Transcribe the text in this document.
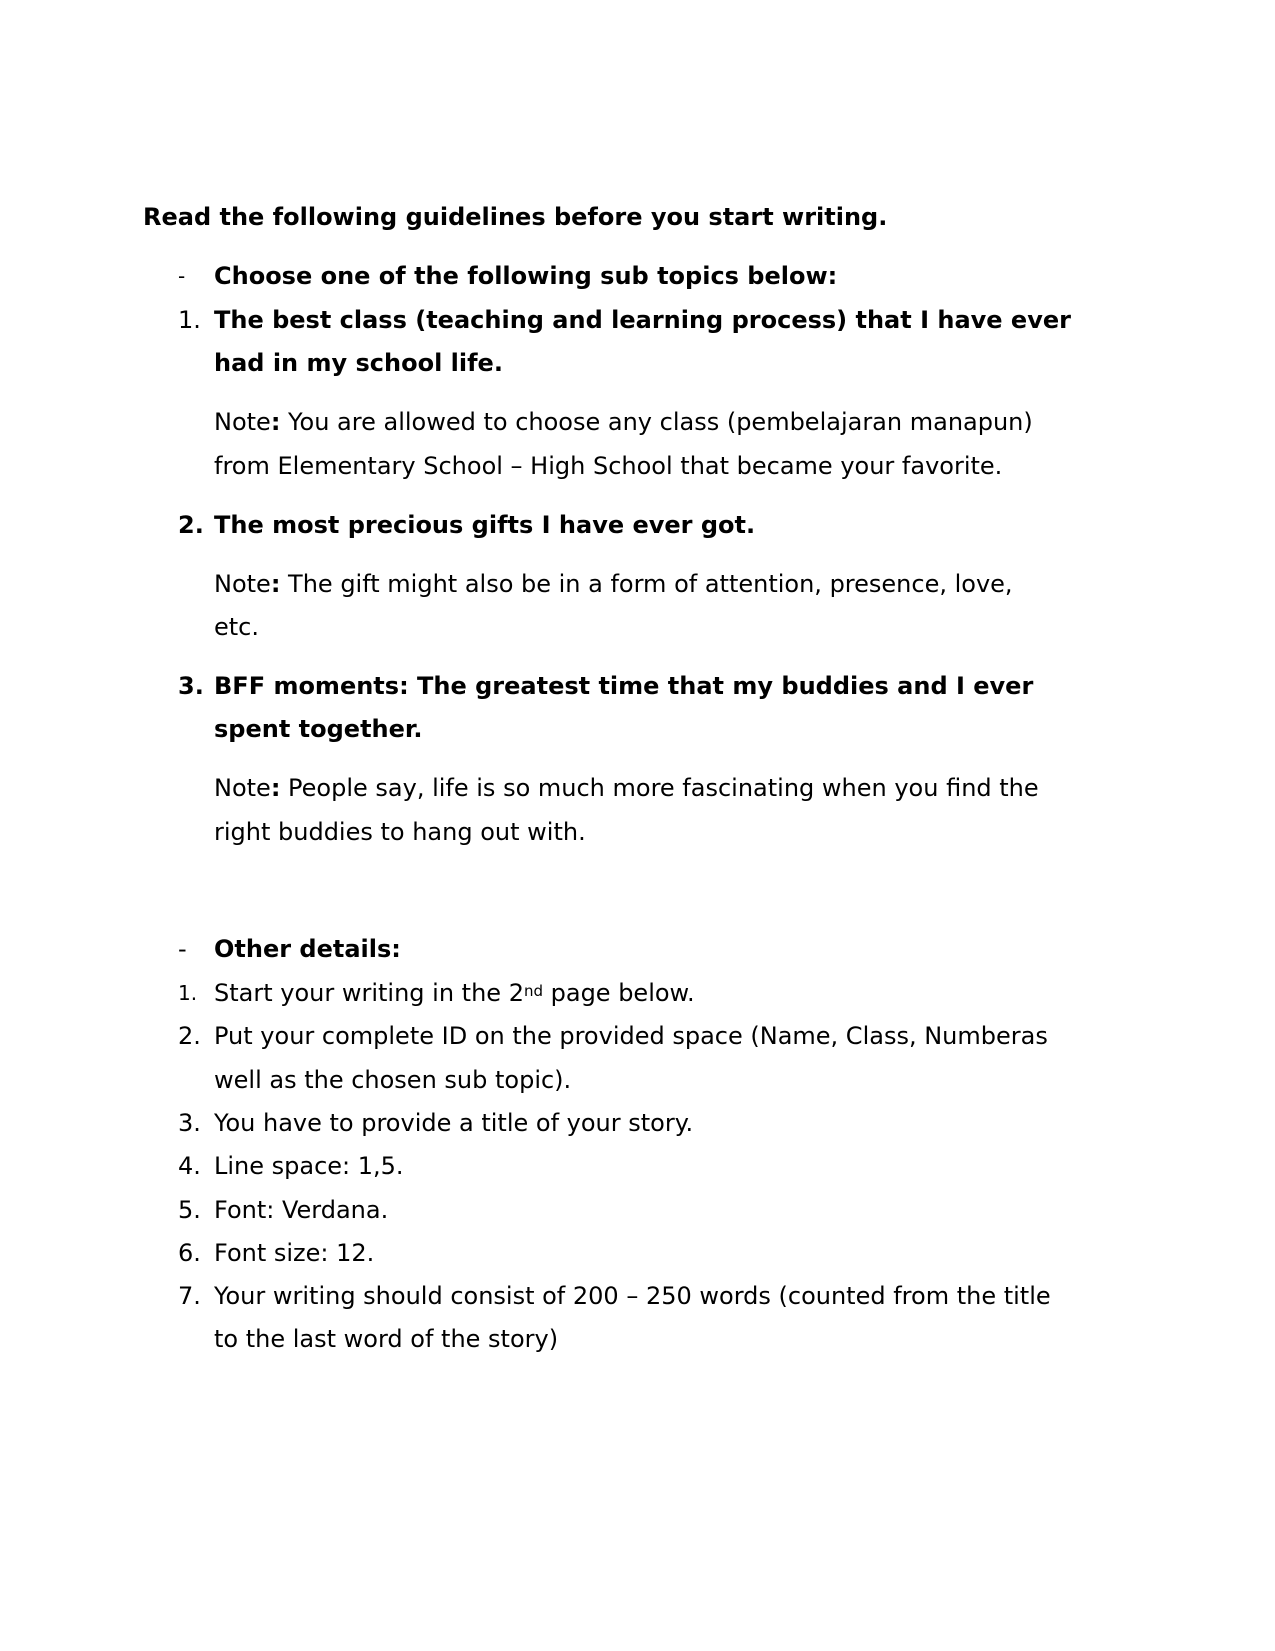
Read the following guidelines before you start writing.
- Choose one of the following sub topics below:
1. The best class (teaching and learning process) that I have ever
had in my school life.
Note: You are allowed to choose any class (pembelajaran manapun)
from Elementary School – High School that became your favorite.
2. The most precious gifts I have ever got.
Note: The gift might also be in a form of attention, presence, love,
etc.
3. BFF moments: The greatest time that my buddies and I ever
spent together.
Note: People say, life is so much more fascinating when you find the
right buddies to hang out with.
- Other details:
1. Start your writing in the 2nd page below.
2. Put your complete ID on the provided space (Name, Class, Numberas
well as the chosen sub topic).
3. You have to provide a title of your story.
4. Line space: 1,5.
5. Font: Verdana.
6. Font size: 12.
7. Your writing should consist of 200 – 250 words (counted from the title
to the last word of the story)
